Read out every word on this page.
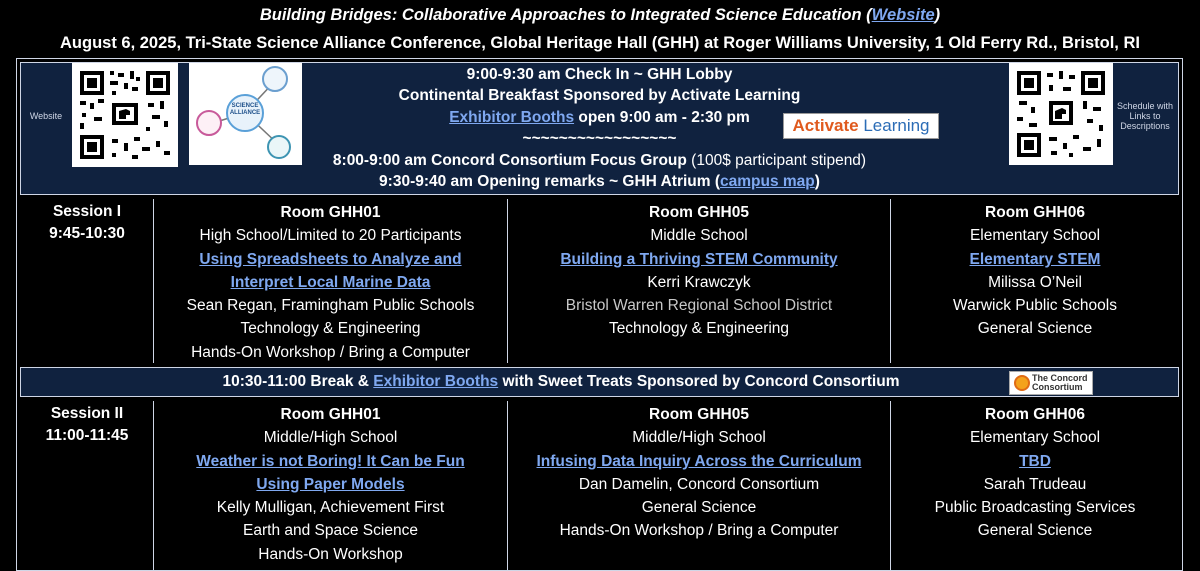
Building Bridges: Collaborative Approaches to Integrated Science Education (Website)
August 6, 2025, Tri-State Science Alliance Conference, Global Heritage Hall (GHH) at Roger Williams University, 1 Old Ferry Rd., Bristol, RI
Website
SCIENCE ALLIANCE
Schedule with Links to Descriptions
9:00-9:30 am Check In ~ GHH Lobby
Continental Breakfast Sponsored by Activate Learning
Exhibitor Booths open 9:00 am - 2:30 pm	Activate Learning
~~~~~~~~~~~~~~~~~
8:00-9:00 am Concord Consortium Focus Group (100$ participant stipend)
9:30-9:40 am Opening remarks ~ GHH Atrium (campus map)
Session I
9:45-10:30
Room GHH01
High School/Limited to 20 Participants
Using Spreadsheets to Analyze and
Interpret Local Marine Data
Sean Regan, Framingham Public Schools
Technology & Engineering
Hands-On Workshop / Bring a Computer
Room GHH05
Middle School
Building a Thriving STEM Community
Kerri Krawczyk
Bristol Warren Regional School District
Technology & Engineering
Room GHH06
Elementary School
Elementary STEM
Milissa O’Neil
Warwick Public Schools
General Science
10:30-11:00 Break & Exhibitor Booths with Sweet Treats Sponsored by Concord Consortium	The Concord
Consortium
Session II
11:00-11:45
Room GHH01
Middle/High School
Weather is not Boring! It Can be Fun
Using Paper Models
Kelly Mulligan, Achievement First
Earth and Space Science
Hands-On Workshop
Room GHH05
Middle/High School
Infusing Data Inquiry Across the Curriculum
Dan Damelin, Concord Consortium
General Science
Hands-On Workshop / Bring a Computer
Room GHH06
Elementary School
TBD
Sarah Trudeau
Public Broadcasting Services
General Science
